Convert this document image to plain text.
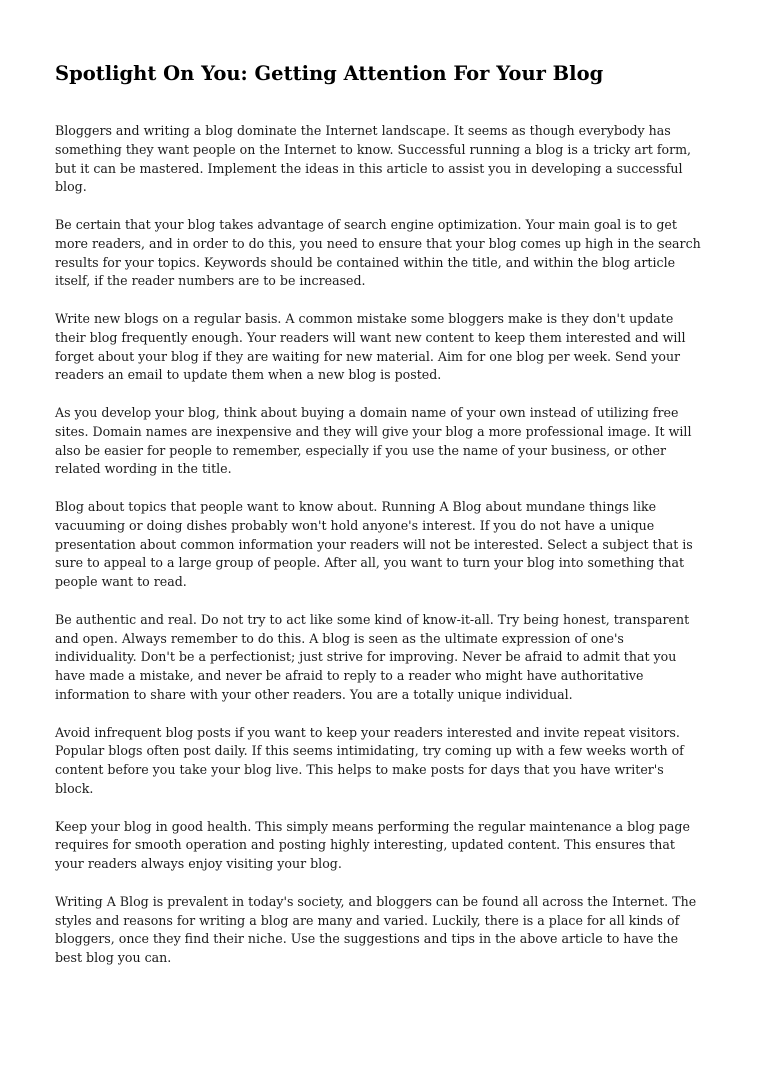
Spotlight On You: Getting Attention For Your Blog

Bloggers and writing a blog dominate the Internet landscape. It seems as though everybody has
something they want people on the Internet to know. Successful running a blog is a tricky art form,
but it can be mastered. Implement the ideas in this article to assist you in developing a successful
blog.

Be certain that your blog takes advantage of search engine optimization. Your main goal is to get
more readers, and in order to do this, you need to ensure that your blog comes up high in the search
results for your topics. Keywords should be contained within the title, and within the blog article
itself, if the reader numbers are to be increased.

Write new blogs on a regular basis. A common mistake some bloggers make is they don't update
their blog frequently enough. Your readers will want new content to keep them interested and will
forget about your blog if they are waiting for new material. Aim for one blog per week. Send your
readers an email to update them when a new blog is posted.

As you develop your blog, think about buying a domain name of your own instead of utilizing free
sites. Domain names are inexpensive and they will give your blog a more professional image. It will
also be easier for people to remember, especially if you use the name of your business, or other
related wording in the title.

Blog about topics that people want to know about. Running A Blog about mundane things like
vacuuming or doing dishes probably won't hold anyone's interest. If you do not have a unique
presentation about common information your readers will not be interested. Select a subject that is
sure to appeal to a large group of people. After all, you want to turn your blog into something that
people want to read.

Be authentic and real. Do not try to act like some kind of know-it-all. Try being honest, transparent
and open. Always remember to do this. A blog is seen as the ultimate expression of one's
individuality. Don't be a perfectionist; just strive for improving. Never be afraid to admit that you
have made a mistake, and never be afraid to reply to a reader who might have authoritative
information to share with your other readers. You are a totally unique individual.

Avoid infrequent blog posts if you want to keep your readers interested and invite repeat visitors.
Popular blogs often post daily. If this seems intimidating, try coming up with a few weeks worth of
content before you take your blog live. This helps to make posts for days that you have writer's
block.

Keep your blog in good health. This simply means performing the regular maintenance a blog page
requires for smooth operation and posting highly interesting, updated content. This ensures that
your readers always enjoy visiting your blog.

Writing A Blog is prevalent in today's society, and bloggers can be found all across the Internet. The
styles and reasons for writing a blog are many and varied. Luckily, there is a place for all kinds of
bloggers, once they find their niche. Use the suggestions and tips in the above article to have the
best blog you can.
